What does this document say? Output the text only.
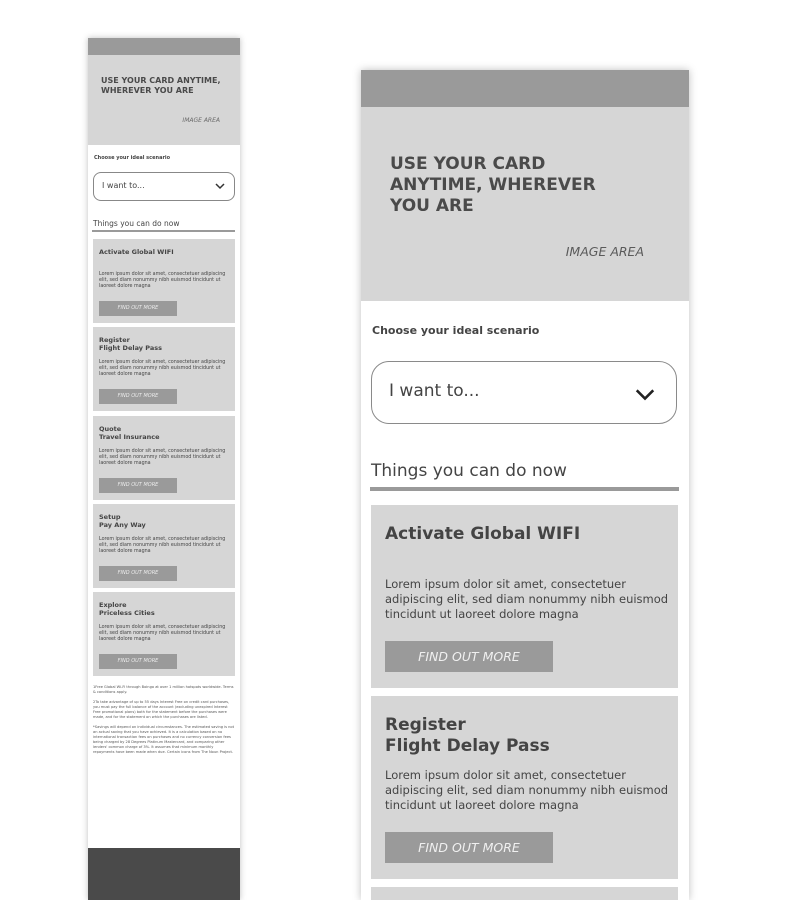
USE YOUR CARD ANYTIME, WHEREVER YOU ARE
IMAGE AREA
Choose your ideal scenario
I want to...
Things you can do now
Activate Global WIFI
Lorem ipsum dolor sit amet, consectetuer adipiscing elit, sed diam nonummy nibh euismod tincidunt ut laoreet dolore magna
FIND OUT MORE
Register
Flight Delay Pass
Lorem ipsum dolor sit amet, consectetuer adipiscing elit, sed diam nonummy nibh euismod tincidunt ut laoreet dolore magna
FIND OUT MORE
Quote
Travel Insurance
Lorem ipsum dolor sit amet, consectetuer adipiscing elit, sed diam nonummy nibh euismod tincidunt ut laoreet dolore magna
FIND OUT MORE
Setup
Pay Any Way
Lorem ipsum dolor sit amet, consectetuer adipiscing elit, sed diam nonummy nibh euismod tincidunt ut laoreet dolore magna
FIND OUT MORE
Explore
Priceless Cities
Lorem ipsum dolor sit amet, consectetuer adipiscing elit, sed diam nonummy nibh euismod tincidunt ut laoreet dolore magna
FIND OUT MORE

1Free Global Wi-Fi through Boingo at over 1 million hotspots worldwide. Terms & conditions apply.

2To take advantage of up to 55 days Interest Free on credit card purchases, you must pay the full balance of the account (excluding unexpired Interest Free promotional plans) both for the statement before the purchases were made, and for the statement on which the purchases are listed.

*Savings will depend on individual circumstances. The estimated saving is not an actual saving that you have achieved. It is a calculation based on no international transaction fees on purchases and no currency conversion fees being charged by 28 Degrees Platinum Mastercard, and comparing other lenders' common charge of 3%. It assumes that minimum monthly repayments have been made when due. Certain icons from The Noun Project.

USE YOUR CARD ANYTIME, WHEREVER YOU ARE
IMAGE AREA
Choose your ideal scenario
I want to...
Things you can do now
Activate Global WIFI
Lorem ipsum dolor sit amet, consectetuer adipiscing elit, sed diam nonummy nibh euismod tincidunt ut laoreet dolore magna
FIND OUT MORE
Register
Flight Delay Pass
Lorem ipsum dolor sit amet, consectetuer adipiscing elit, sed diam nonummy nibh euismod tincidunt ut laoreet dolore magna
FIND OUT MORE
